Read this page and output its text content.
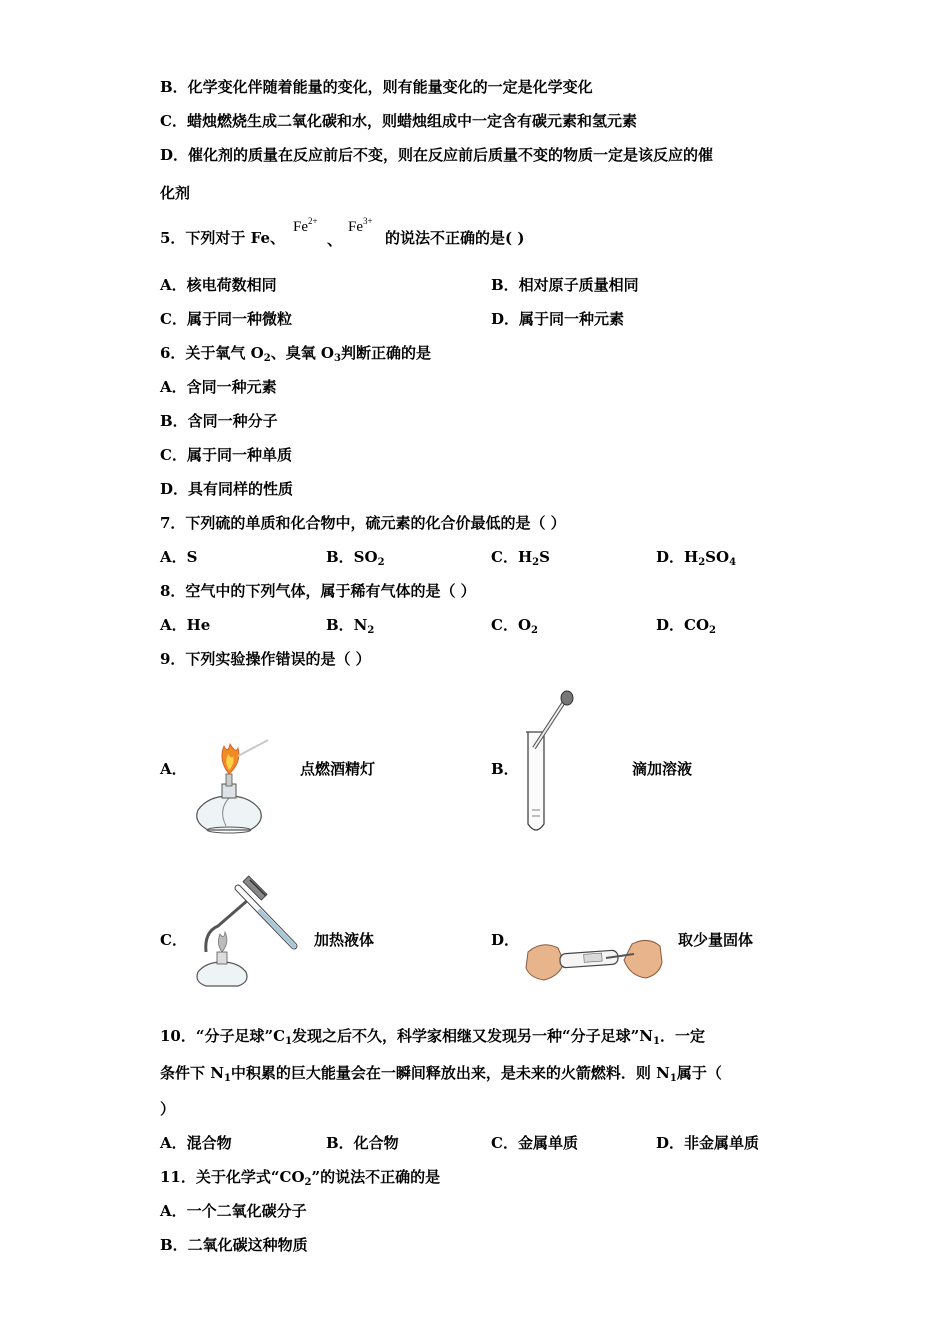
B．化学变化伴随着能量的变化，则有能量变化的一定是化学变化
C．蜡烛燃烧生成二氧化碳和水，则蜡烛组成中一定含有碳元素和氢元素
D．催化剂的质量在反应前后不变，则在反应前后质量不变的物质一定是该反应的催
化剂
5．下列对于 Fe、
$Fe^{2+}$
、
$Fe^{3+}$
的说法不正确的是( )
A．核电荷数相同	B．相对原子质量相同
C．属于同一种微粒	D．属于同一种元素
6．关于氧气 $O_2$、臭氧 $O_3$判断正确的是
A．含同一种元素
B．含同一种分子
C．属于同一种单质
D．具有同样的性质
7．下列硫的单质和化合物中，硫元素的化合价最低的是（ ）
A．S	B．$SO_2$	C．$H_2S$	D．$H_2SO_4$
8．空气中的下列气体，属于稀有气体的是（ ）
A．He	B．$N_2$	C．$O_2$	D．$CO_2$
9．下列实验操作错误的是（ ）
A．	点燃酒精灯	B．	滴加溶液
C．	加热液体	D．	取少量固体
10．“分子足球$”C_1$发现之后不久，科学家相继又发现另一种“分子足球$”N_1$．一定
条件下 $N_1$中积累的巨大能量会在一瞬间释放出来，是未来的火箭燃料．则 $N_1$属于（
）
A．混合物	B．化合物	C．金属单质	D．非金属单质
11．关于化学式“$CO_2$”的说法不正确的是
A．一个二氧化碳分子
B．二氧化碳这种物质
